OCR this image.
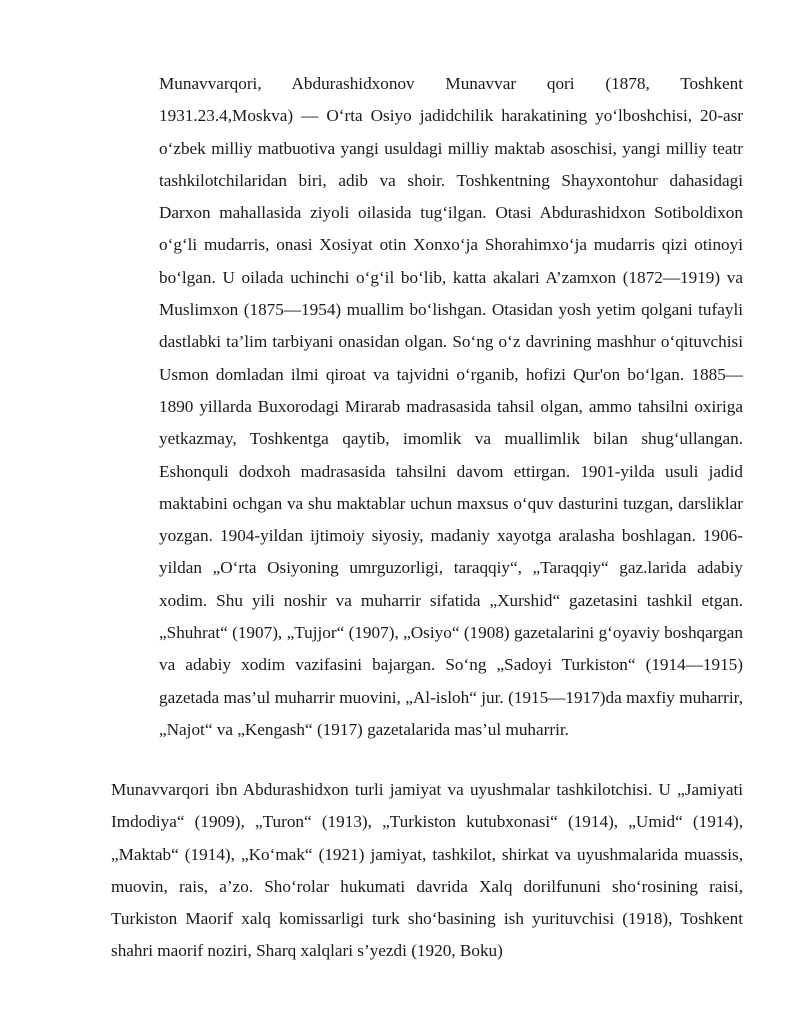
Munavvarqori, Abdurashidxonov Munavvar qori (1878, Toshkent 1931.23.4,Moskva) — O‘rta Osiyo jadidchilik harakatining yo‘lboshchisi, 20-asr o‘zbek milliy matbuotiva yangi usuldagi milliy maktab asoschisi, yangi milliy teatr tashkilotchilaridan biri, adib va shoir. Toshkentning Shayxontohur dahasidagi Darxon mahallasida ziyoli oilasida tug‘ilgan. Otasi Abdurashidxon Sotiboldixon o‘g‘li mudarris, onasi Xosiyat otin Xonxo‘ja Shorahimxo‘ja mudarris qizi otinoyi bo‘lgan. U oilada uchinchi o‘g‘il bo‘lib, katta akalari A’zamxon (1872—1919) va Muslimxon (1875—1954) muallim bo‘lishgan. Otasidan yosh yetim qolgani tufayli dastlabki ta’lim tarbiyani onasidan olgan. So‘ng o‘z davrining mashhur o‘qituvchisi Usmon domladan ilmi qiroat va tajvidni o‘rganib, hofizi Qur'on bo‘lgan. 1885—1890 yillarda Buxorodagi Mirarab madrasasida tahsil olgan, ammo tahsilni oxiriga yetkazmay, Toshkentga qaytib, imomlik va muallimlik bilan shug‘ullangan. Eshonquli dodxoh madrasasida tahsilni davom ettirgan. 1901-yilda usuli jadid maktabini ochgan va shu maktablar uchun maxsus o‘quv dasturini tuzgan, darsliklar yozgan. 1904-yildan ijtimoiy siyosiy, madaniy xayotga aralasha boshlagan. 1906-yildan „O‘rta Osiyoning umrguzorligi, taraqqiy“, „Taraqqiy“ gaz.larida adabiy xodim. Shu yili noshir va muharrir sifatida „Xurshid“ gazetasini tashkil etgan. „Shuhrat“ (1907), „Tujjor“ (1907), „Osiyo“ (1908) gazetalarini g‘oyaviy boshqargan va adabiy xodim vazifasini bajargan. So‘ng „Sadoyi Turkiston“ (1914—1915) gazetada mas’ul muharrir muovini, „Al-isloh“ jur. (1915—1917)da maxfiy muharrir, „Najot“ va „Kengash“ (1917) gazetalarida mas’ul muharrir.

Munavvarqori ibn Abdurashidxon turli jamiyat va uyushmalar tashkilotchisi. U „Jamiyati Imdodiya“ (1909), „Turon“ (1913), „Turkiston kutubxonasi“ (1914), „Umid“ (1914), „Maktab“ (1914), „Ko‘mak“ (1921) jamiyat, tashkilot, shirkat va uyushmalarida muassis, muovin, rais, a’zo. Sho‘rolar hukumati davrida Xalq dorilfununi sho‘rosining raisi, Turkiston Maorif xalq komissarligi turk sho‘basining ish yurituvchisi (1918), Toshkent shahri maorif noziri, Sharq xalqlari s’yezdi (1920, Boku)
